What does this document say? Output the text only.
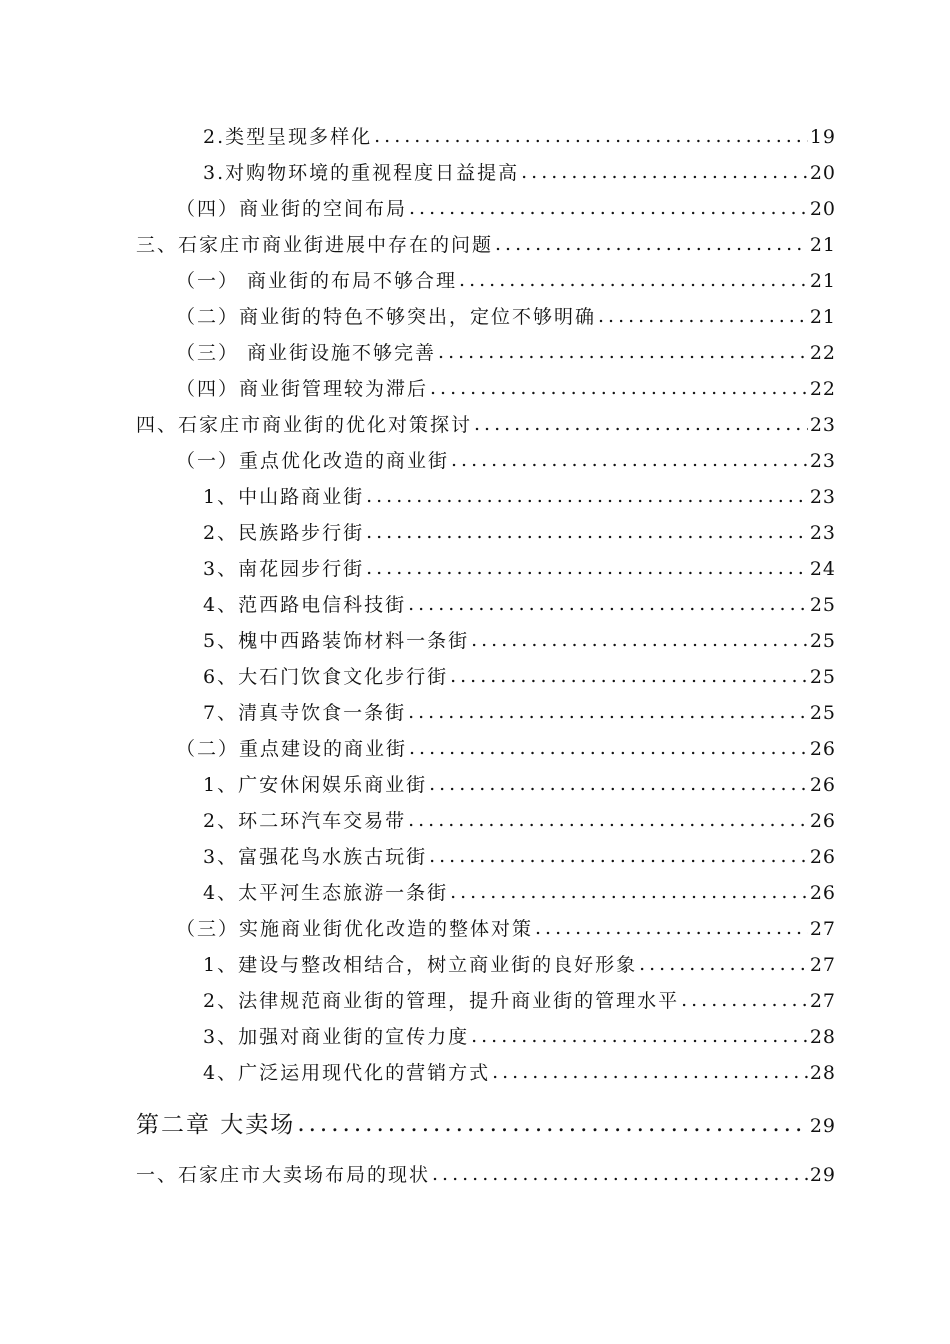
2.类型呈现多样化 .....	19
3.对购物环境的重视程度日益提高 .....	20
（四）商业街的空间布局 .....	20
三、石家庄市商业街进展中存在的问题 .....	21
（一） 商业街的布局不够合理 .....	21
（二）商业街的特色不够突出，定位不够明确 .....	21
（三） 商业街设施不够完善 .....	22
（四）商业街管理较为滞后 .....	22
四、石家庄市商业街的优化对策探讨 .....	23
（一）重点优化改造的商业街 .....	23
1、中山路商业街 .....	23
2、民族路步行街 .....	23
3、南花园步行街 .....	24
4、范西路电信科技街 .....	25
5、槐中西路装饰材料一条街 .....	25
6、大石门饮食文化步行街 .....	25
7、清真寺饮食一条街 .....	25
（二）重点建设的商业街 .....	26
1、广安休闲娱乐商业街 .....	26
2、环二环汽车交易带 .....	26
3、富强花鸟水族古玩街 .....	26
4、太平河生态旅游一条街 .....	26
（三）实施商业街优化改造的整体对策 .....	27
1、建设与整改相结合，树立商业街的良好形象 .....	27
2、法律规范商业街的管理，提升商业街的管理水平 .....	27
3、加强对商业街的宣传力度 .....	28
4、广泛运用现代化的营销方式 .....	28
第二章 大卖场 .....	29
一、石家庄市大卖场布局的现状 .....	29
